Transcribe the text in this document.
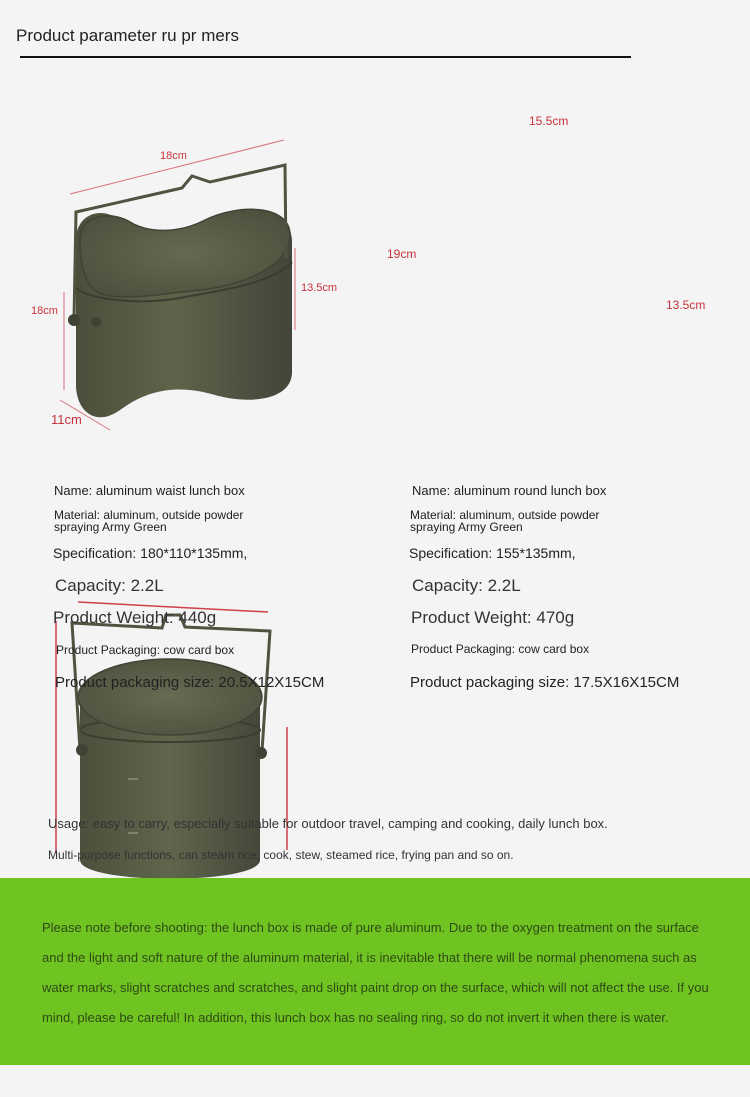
Product parameter ru pr mers
18cm
18cm
13.5cm
11cm
15.5cm
19cm
13.5cm
Name: aluminum waist lunch box
Material: aluminum, outside powder spraying Army Green
Specification: 180*110*135mm,
Capacity: 2.2L
Product Weight: 440g
Product Packaging: cow card box
Product packaging size: 20.5X12X15CM
Name: aluminum round lunch box
Material: aluminum, outside powder spraying Army Green
Specification: 155*135mm,
Capacity: 2.2L
Product Weight: 470g
Product Packaging: cow card box
Product packaging size: 17.5X16X15CM
Usage: easy to carry, especially suitable for outdoor travel, camping and cooking, daily lunch box.
Multi-purpose functions, can steam rice, cook, stew, steamed rice, frying pan and so on.
Please note before shooting: the lunch box is made of pure aluminum. Due to the oxygen treatment on the surface
and the light and soft nature of the aluminum material, it is inevitable that there will be normal phenomena such as
water marks, slight scratches and scratches, and slight paint drop on the surface, which will not affect the use. If you
mind, please be careful! In addition, this lunch box has no sealing ring, so do not invert it when there is water.
